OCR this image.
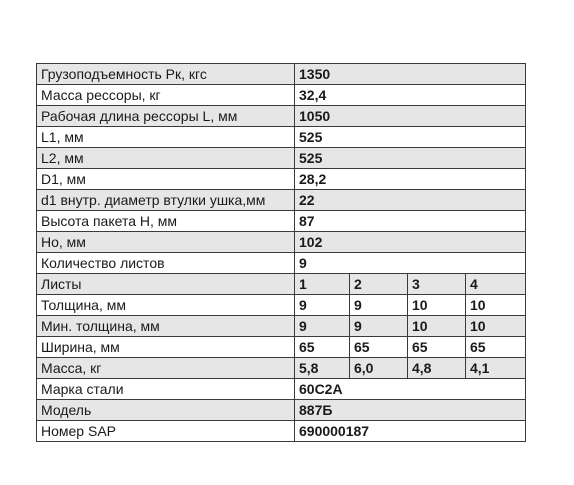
Грузоподъемность Pк, кгс	1350			
Масса рессоры, кг	32,4			
Рабочая длина рессоры L, мм	1050			
L1, мм	525			
L2, мм	525			
D1, мм	28,2			
d1 внутр. диаметр втулки ушка,мм	22			
Высота пакета Н, мм	87			
Но, мм	102			
Количество листов	9			
Листы	1	2	3	4
Толщина, мм	9	9	10	10
Мин. толщина, мм	9	9	10	10
Ширина, мм	65	65	65	65
Масса, кг	5,8	6,0	4,8	4,1
Марка стали	60С2А			
Модель	887Б			
Номер SAP	690000187			
